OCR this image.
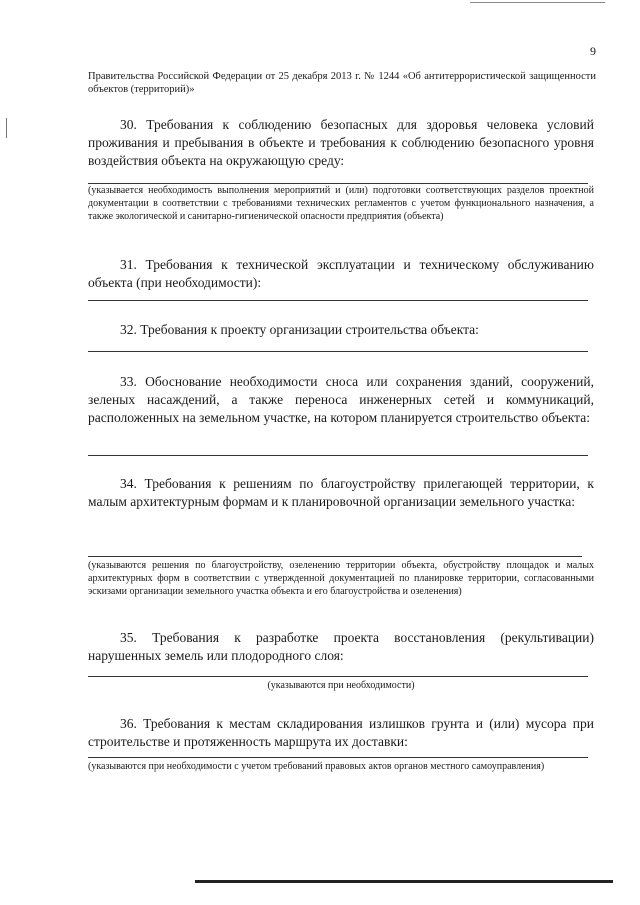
9

Правительства Российской Федерации от 25 декабря 2013 г. № 1244 «Об антитеррористической защищенности объектов (территорий)»

30. Требования к соблюдению безопасных для здоровья человека условий проживания и пребывания в объекте и требования к соблюдению безопасного уровня воздействия объекта на окружающую среду:

(указывается необходимость выполнения мероприятий и (или) подготовки соответствующих разделов проектной документации в соответствии с требованиями технических регламентов с учетом функционального назначения, а также экологической и санитарно-гигиенической опасности предприятия (объекта)

31. Требования к технической эксплуатации и техническому обслуживанию объекта (при необходимости):

32. Требования к проекту организации строительства объекта:

33. Обоснование необходимости сноса или сохранения зданий, сооружений, зеленых насаждений, а также переноса инженерных сетей и коммуникаций, расположенных на земельном участке, на котором планируется строительство объекта:

34. Требования к решениям по благоустройству прилегающей территории, к малым архитектурным формам и к планировочной организации земельного участка:

(указываются решения по благоустройству, озеленению территории объекта, обустройству площадок и малых архитектурных форм в соответствии с утвержденной документацией по планировке территории, согласованными эскизами организации земельного участка объекта и его благоустройства и озеленения)

35. Требования к разработке проекта восстановления (рекультивации) нарушенных земель или плодородного слоя:

(указываются при необходимости)

36. Требования к местам складирования излишков грунта и (или) мусора при строительстве и протяженность маршрута их доставки:

(указываются при необходимости с учетом требований правовых актов органов местного самоуправления)
